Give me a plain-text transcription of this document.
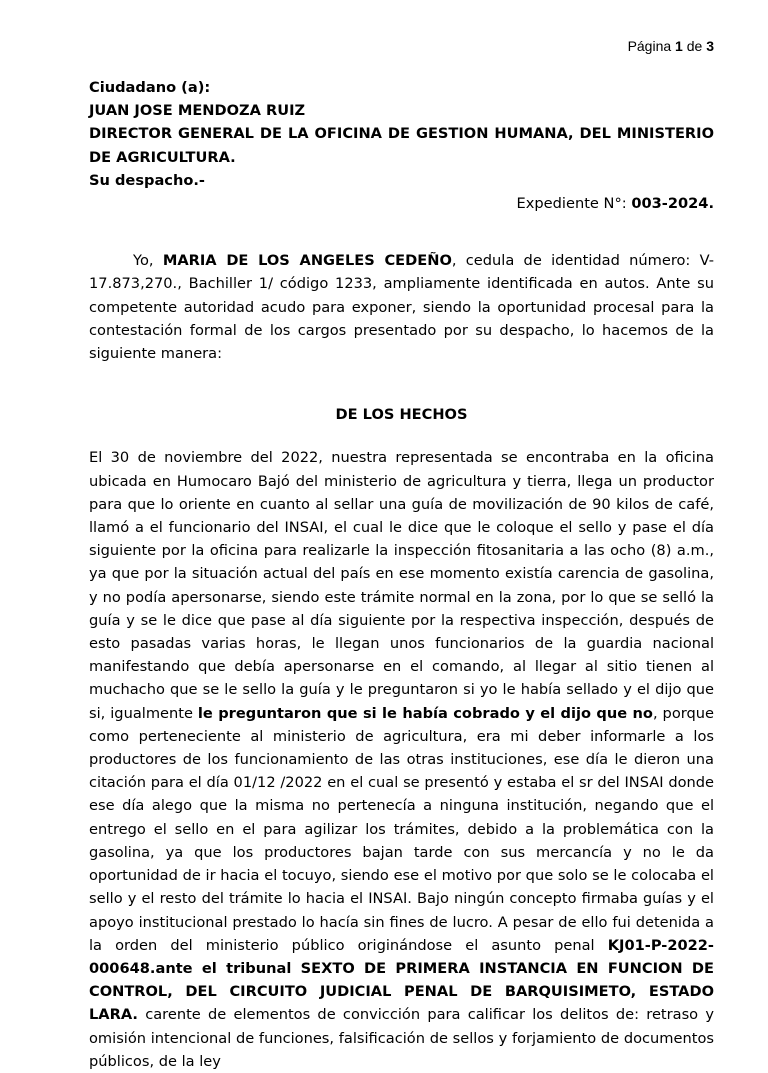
Página 1 de 3

Ciudadano (a):

JUAN JOSE MENDOZA RUIZ

DIRECTOR GENERAL DE LA OFICINA DE GESTION HUMANA, DEL MINISTERIO DE AGRICULTURA.

Su despacho.-

Expediente N°: 003-2024.

Yo, MARIA DE LOS ANGELES CEDEÑO, cedula de identidad número: V-17.873,270., Bachiller 1/ código 1233, ampliamente identificada en autos. Ante su competente autoridad acudo para exponer, siendo la oportunidad procesal para la contestación formal de los cargos presentado por su despacho, lo hacemos de la siguiente manera:

DE LOS HECHOS

El 30 de noviembre del 2022, nuestra representada se encontraba en la oficina ubicada en Humocaro Bajó del ministerio de agricultura y tierra, llega un productor para que lo oriente en cuanto al sellar una guía de movilización de 90 kilos de café, llamó a el funcionario del INSAI, el cual le dice que le coloque el sello y pase el día siguiente por la oficina para realizarle la inspección fitosanitaria a las ocho (8) a.m., ya que por la situación actual del país en ese momento existía carencia de gasolina, y no podía apersonarse, siendo este trámite normal en la zona, por lo que se selló la guía y se le dice que pase al día siguiente por la respectiva inspección, después de esto pasadas varias horas, le llegan unos funcionarios de la guardia nacional manifestando que debía apersonarse en el comando, al llegar al sitio tienen al muchacho que se le sello la guía y le preguntaron si yo le había sellado y el dijo que si, igualmente le preguntaron que si le había cobrado y el dijo que no, porque como perteneciente al ministerio de agricultura, era mi deber informarle a los productores de los funcionamiento de las otras instituciones, ese día le dieron una citación para el día 01/12 /2022 en el cual se presentó y estaba el sr del INSAI donde ese día alego que la misma no pertenecía a ninguna institución, negando que el entrego el sello en el para agilizar los trámites, debido a la problemática con la gasolina, ya que los productores bajan tarde con sus mercancía y no le da oportunidad de ir hacia el tocuyo, siendo ese el motivo por que solo se le colocaba el sello y el resto del trámite lo hacia el INSAI. Bajo ningún concepto firmaba guías y el apoyo institucional prestado lo hacía sin fines de lucro. A pesar de ello fui detenida a la orden del ministerio público originándose el asunto penal KJ01-P-2022-000648.ante el tribunal SEXTO DE PRIMERA INSTANCIA EN FUNCION DE CONTROL, DEL CIRCUITO JUDICIAL PENAL DE BARQUISIMETO, ESTADO LARA. carente de elementos de convicción para calificar los delitos de: retraso y omisión intencional de funciones, falsificación de sellos y forjamiento de documentos públicos, de la ley
